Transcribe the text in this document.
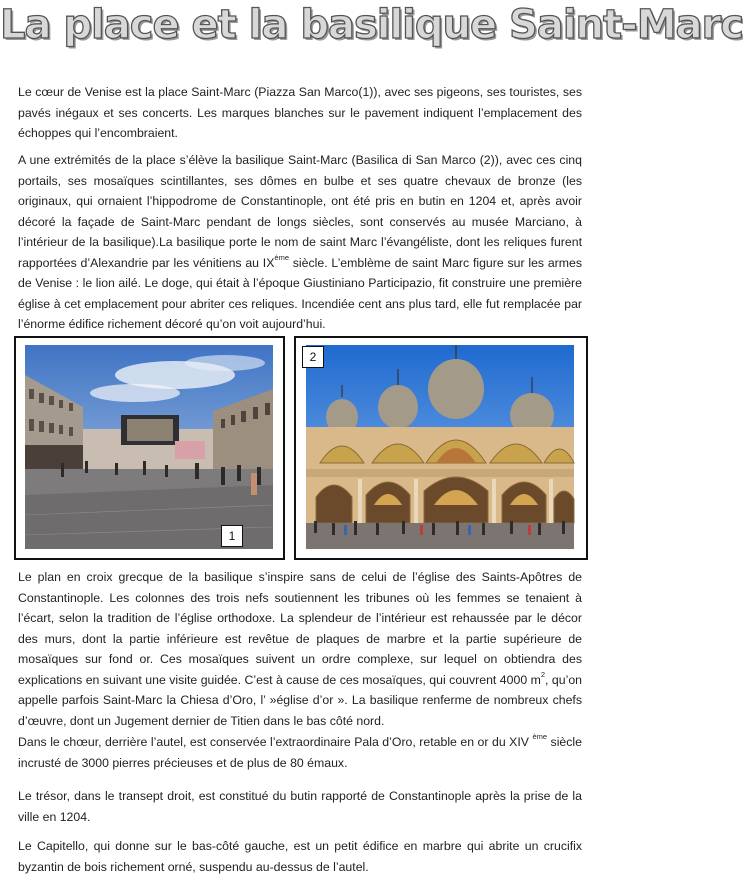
La place et la basilique Saint-Marc

Le cœur de Venise est la place Saint-Marc (Piazza San Marco(1)), avec ses pigeons, ses touristes, ses pavés inégaux et ses concerts. Les marques blanches sur le pavement indiquent l’emplacement des échoppes qui l’encombraient.

A une extrémités de la place s’élève la basilique Saint-Marc (Basilica di San Marco (2)), avec ces cinq portails, ses mosaïques scintillantes, ses dômes en bulbe et ses quatre chevaux de bronze (les originaux, qui ornaient l’hippodrome de Constantinople, ont été pris en butin en 1204 et, après avoir décoré la façade de Saint-Marc pendant de longs siècles, sont conservés au musée Marciano, à l’intérieur de la basilique).La basilique porte le nom de saint Marc l’évangéliste, dont les reliques furent rapportées d’Alexandrie par les vénitiens au IXème siècle. L’emblème de saint Marc figure sur les armes de Venise : le lion ailé. Le doge, qui était à l’époque Giustiniano Participazio, fit construire une première église à cet emplacement pour abriter ces reliques. Incendiée cent ans plus tard, elle fut remplacée par l’énorme édifice richement décoré qu’on voit aujourd’hui.

1
2

Le plan en croix grecque de la basilique s’inspire sans de celui de l’église des Saints-Apôtres de Constantinople. Les colonnes des trois nefs soutiennent les tribunes où les femmes se tenaient à l’écart, selon la tradition de l’église orthodoxe. La splendeur de l’intérieur est rehaussée par le décor des murs, dont la partie inférieure est revêtue de plaques de marbre et la partie supérieure de mosaïques sur fond or. Ces mosaïques suivent un ordre complexe, sur lequel on obtiendra des explications en suivant une visite guidée. C’est à cause de ces mosaïques, qui couvrent 4000 $m^2$, qu’on appelle parfois Saint-Marc la Chiesa d’Oro, l’ »église d’or ». La basilique renferme de nombreux chefs d’œuvre, dont un Jugement dernier de Titien dans le bas côté nord.

Dans le chœur, derrière l’autel, est conservée l’extraordinaire Pala d’Oro, retable en or du XIV $^{ème}$ siècle incrusté de 3000 pierres précieuses et de plus de 80 émaux.

Le trésor, dans le transept droit, est constitué du butin rapporté de Constantinople après la prise de la ville en 1204.

Le Capitello, qui donne sur le bas-côté gauche, est un petit édifice en marbre qui abrite un crucifix byzantin de bois richement orné, suspendu au-dessus de l’autel.
